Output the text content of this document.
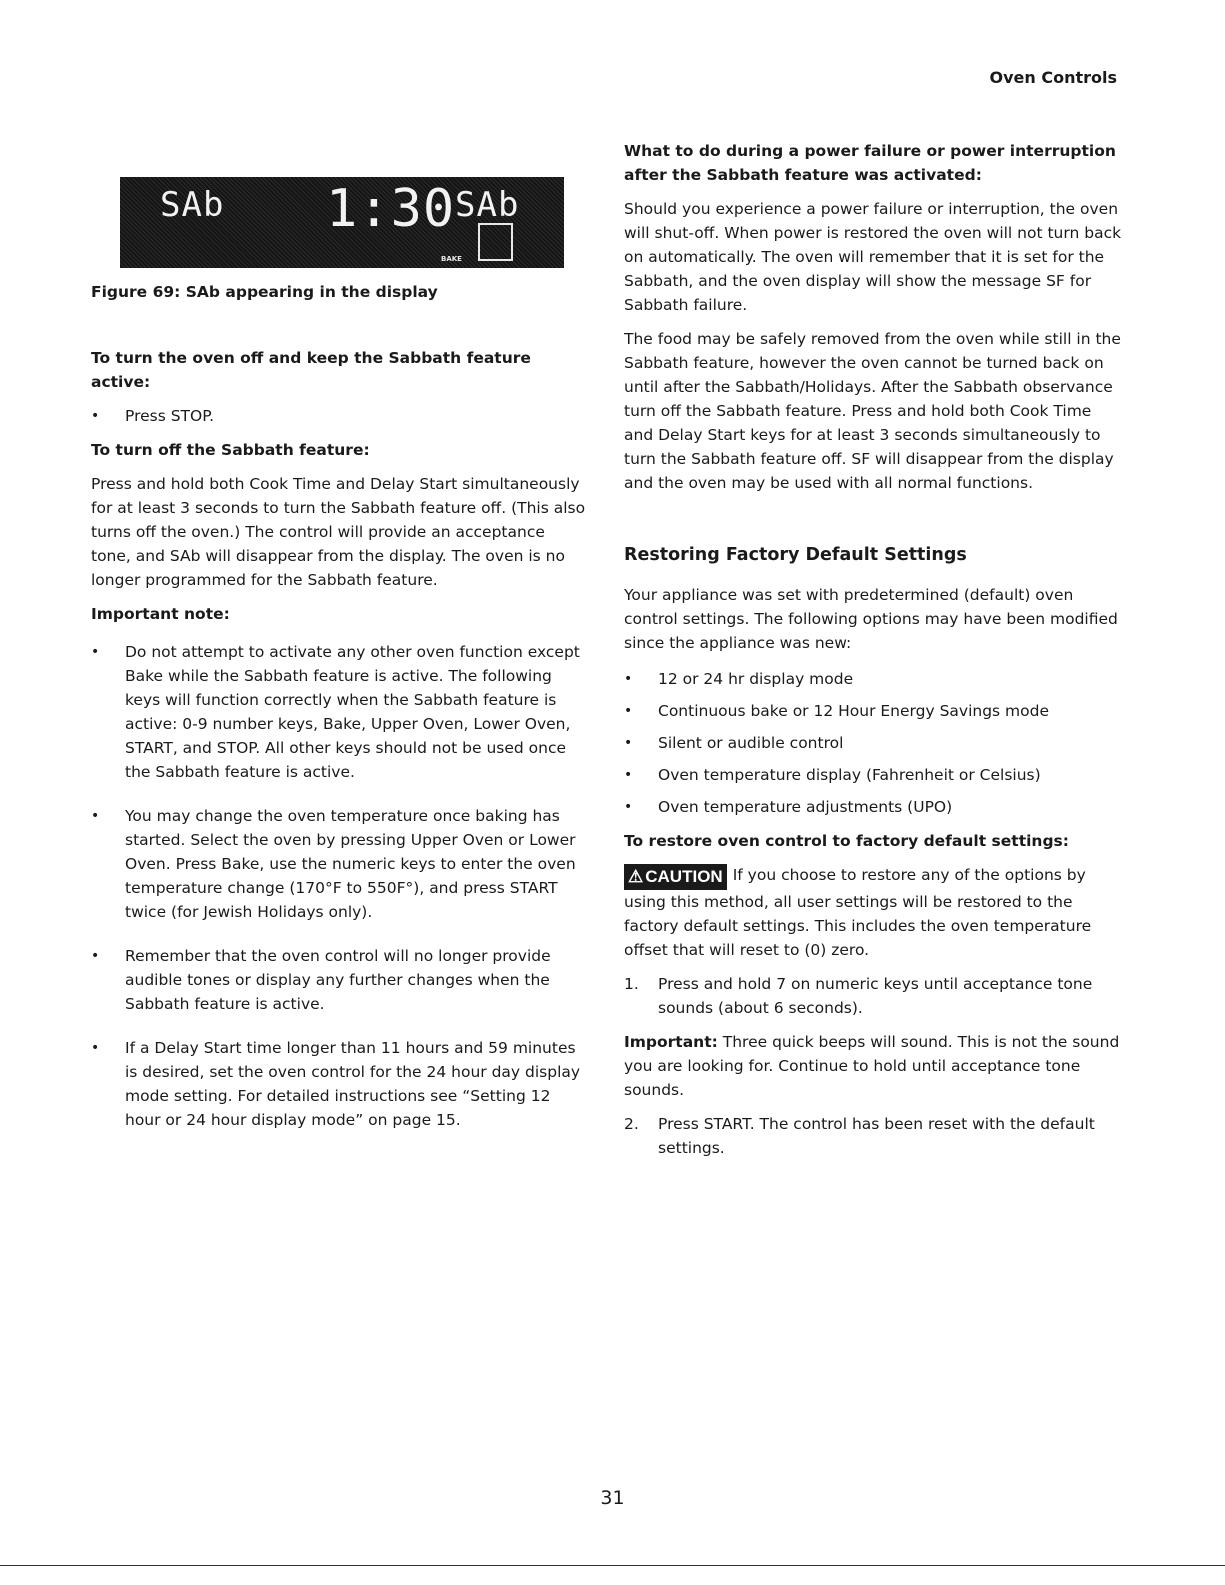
Oven Controls
SAb 1:30 SAb
BAKE
Figure 69: SAb appearing in the display
To turn the oven off and keep the Sabbath feature active:
• Press STOP.
To turn off the Sabbath feature:

Press and hold both Cook Time and Delay Start simultaneously for at least 3 seconds to turn the Sabbath feature off. (This also turns off the oven.) The control will provide an acceptance tone, and SAb will disappear from the display. The oven is no longer programmed for the Sabbath feature.

Important note:
• Do not attempt to activate any other oven function except Bake while the Sabbath feature is active. The following keys will function correctly when the Sabbath feature is active: 0-9 number keys, Bake, Upper Oven, Lower Oven, START, and STOP. All other keys should not be used once the Sabbath feature is active.
• You may change the oven temperature once baking has started. Select the oven by pressing Upper Oven or Lower Oven. Press Bake, use the numeric keys to enter the oven temperature change (170°F to 550F°), and press START twice (for Jewish Holidays only).
• Remember that the oven control will no longer provide audible tones or display any further changes when the Sabbath feature is active.
• If a Delay Start time longer than 11 hours and 59 minutes is desired, set the oven control for the 24 hour day display mode setting. For detailed instructions see “Setting 12 hour or 24 hour display mode” on page 15.
What to do during a power failure or power interruption after the Sabbath feature was activated:

Should you experience a power failure or interruption, the oven will shut-off. When power is restored the oven will not turn back on automatically. The oven will remember that it is set for the Sabbath, and the oven display will show the message SF for Sabbath failure.

The food may be safely removed from the oven while still in the Sabbath feature, however the oven cannot be turned back on until after the Sabbath/Holidays. After the Sabbath observance turn off the Sabbath feature. Press and hold both Cook Time and Delay Start keys for at least 3 seconds simultaneously to turn the Sabbath feature off. SF will disappear from the display and the oven may be used with all normal functions.

Restoring Factory Default Settings

Your appliance was set with predetermined (default) oven control settings. The following options may have been modified since the appliance was new:

• 12 or 24 hr display mode
• Continuous bake or 12 Hour Energy Savings mode
• Silent or audible control
• Oven temperature display (Fahrenheit or Celsius)
• Oven temperature adjustments (UPO)
To restore oven control to factory default settings:

⚠ CAUTION If you choose to restore any of the options by using this method, all user settings will be restored to the factory default settings. This includes the oven temperature offset that will reset to (0) zero.

1. Press and hold 7 on numeric keys until acceptance tone sounds (about 6 seconds).

Important: Three quick beeps will sound. This is not the sound you are looking for. Continue to hold until acceptance tone sounds.

2. Press START. The control has been reset with the default settings.
31
